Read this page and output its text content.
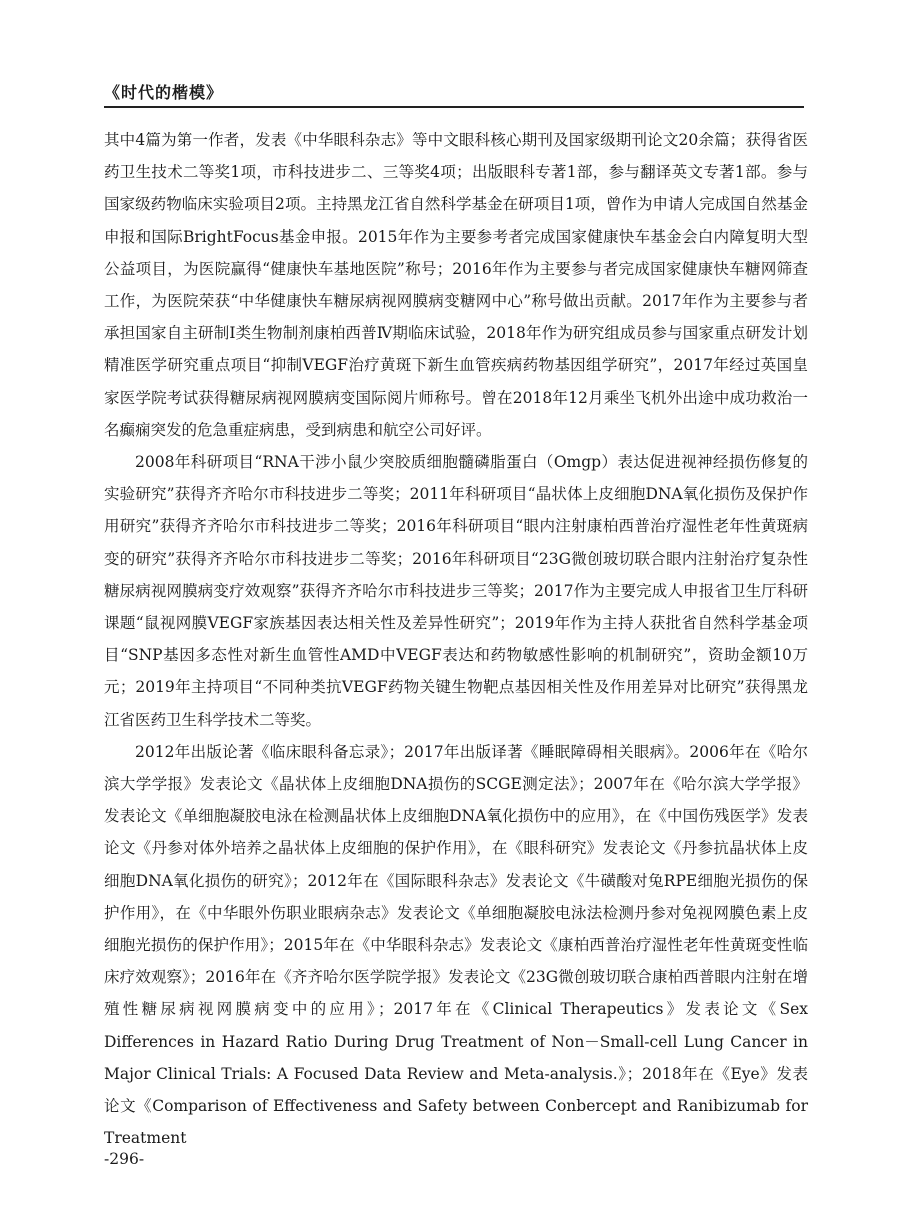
《时代的楷模》

其中4篇为第一作者，发表《中华眼科杂志》等中文眼科核心期刊及国家级期刊论文20余篇；获得省医药卫生技术二等奖1项，市科技进步二、三等奖4项；出版眼科专著1部，参与翻译英文专著1部。参与国家级药物临床实验项目2项。主持黑龙江省自然科学基金在研项目1项，曾作为申请人完成国自然基金申报和国际BrightFocus基金申报。2015年作为主要参考者完成国家健康快车基金会白内障复明大型公益项目，为医院赢得“健康快车基地医院”称号；2016年作为主要参与者完成国家健康快车糖网筛查工作，为医院荣获“中华健康快车糖尿病视网膜病变糖网中心”称号做出贡献。2017年作为主要参与者承担国家自主研制Ⅰ类生物制剂康柏西普Ⅳ期临床试验，2018年作为研究组成员参与国家重点研发计划精准医学研究重点项目“抑制VEGF治疗黄斑下新生血管疾病药物基因组学研究”，2017年经过英国皇家医学院考试获得糖尿病视网膜病变国际阅片师称号。曾在2018年12月乘坐飞机外出途中成功救治一名癫痫突发的危急重症病患，受到病患和航空公司好评。

2008年科研项目“RNA干涉小鼠少突胶质细胞髓磷脂蛋白（Omgp）表达促进视神经损伤修复的实验研究”获得齐齐哈尔市科技进步二等奖；2011年科研项目“晶状体上皮细胞DNA氧化损伤及保护作用研究”获得齐齐哈尔市科技进步二等奖；2016年科研项目“眼内注射康柏西普治疗湿性老年性黄斑病变的研究”获得齐齐哈尔市科技进步二等奖；2016年科研项目“23G微创玻切联合眼内注射治疗复杂性糖尿病视网膜病变疗效观察”获得齐齐哈尔市科技进步三等奖；2017作为主要完成人申报省卫生厅科研课题“鼠视网膜VEGF家族基因表达相关性及差异性研究”；2019年作为主持人获批省自然科学基金项目“SNP基因多态性对新生血管性AMD中VEGF表达和药物敏感性影响的机制研究”，资助金额10万元；2019年主持项目“不同种类抗VEGF药物关键生物靶点基因相关性及作用差异对比研究”获得黑龙江省医药卫生科学技术二等奖。

2012年出版论著《临床眼科备忘录》；2017年出版译著《睡眠障碍相关眼病》。2006年在《哈尔滨大学学报》发表论文《晶状体上皮细胞DNA损伤的SCGE测定法》；2007年在《哈尔滨大学学报》发表论文《单细胞凝胶电泳在检测晶状体上皮细胞DNA氧化损伤中的应用》，在《中国伤残医学》发表论文《丹参对体外培养之晶状体上皮细胞的保护作用》，在《眼科研究》发表论文《丹参抗晶状体上皮细胞DNA氧化损伤的研究》；2012年在《国际眼科杂志》发表论文《牛磺酸对兔RPE细胞光损伤的保护作用》，在《中华眼外伤职业眼病杂志》发表论文《单细胞凝胶电泳法检测丹参对兔视网膜色素上皮细胞光损伤的保护作用》；2015年在《中华眼科杂志》发表论文《康柏西普治疗湿性老年性黄斑变性临床疗效观察》；2016年在《齐齐哈尔医学院学报》发表论文《23G微创玻切联合康柏西普眼内注射在增殖性糖尿病视网膜病变中的应用》；2017年在《Clinical Therapeutics》发表论文《Sex Differences in Hazard Ratio During Drug Treatment of Non－Small-cell Lung Cancer in Major Clinical Trials: A Focused Data Review and Meta-analysis.》；2018年在《Eye》发表论文《Comparison of Effectiveness and Safety between Conbercept and Ranibizumab for Treatment

-296-
